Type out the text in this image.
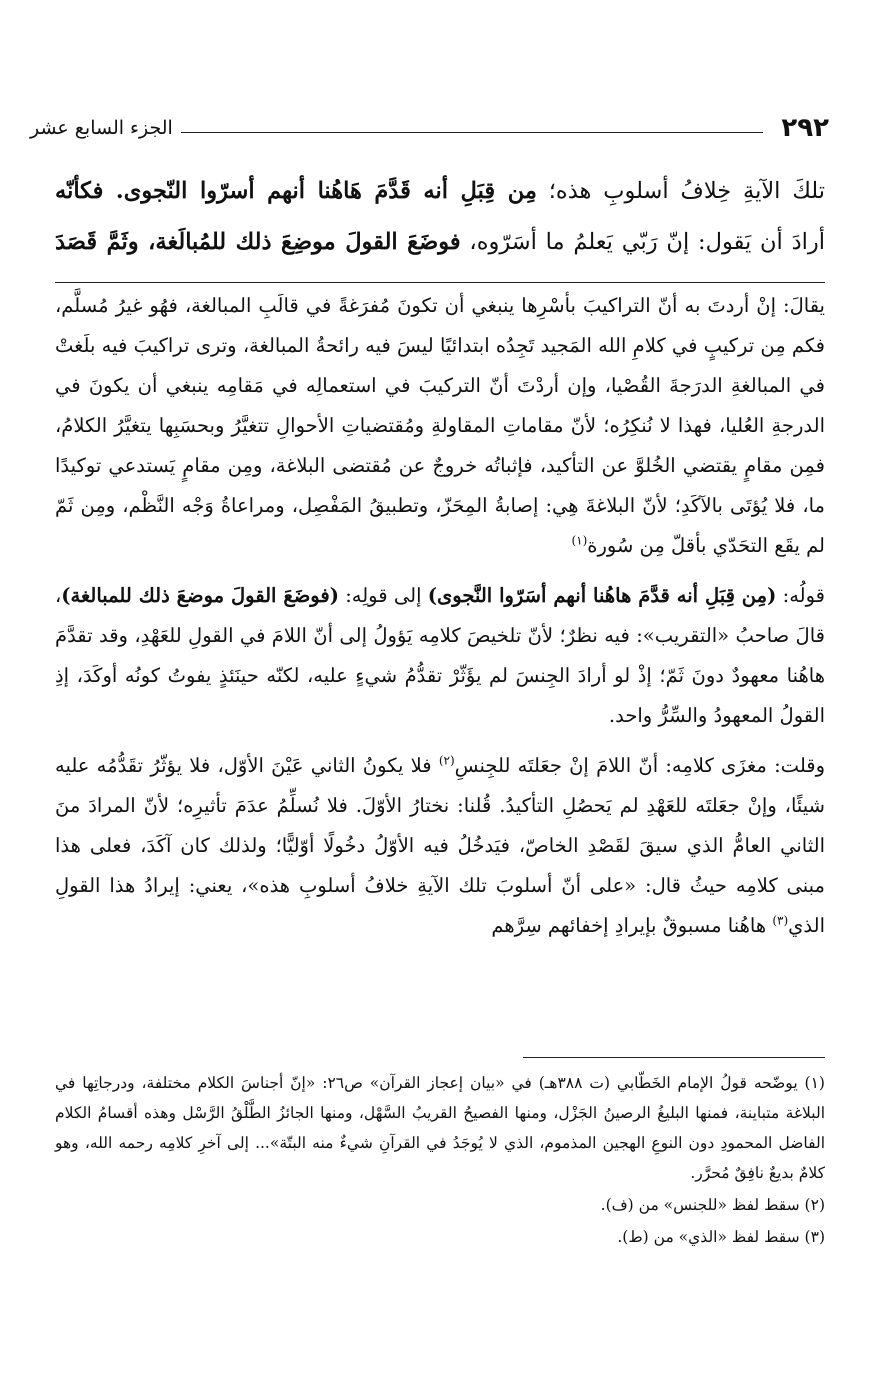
٢٩٢
الجزء السابع عشر

تلكَ الآيةِ خِلافُ أسلوبِ هذه؛ مِن قِبَلِ أنه قَدَّمَ هَاهُنا أنهم أسرّوا النّجوى. فكأنّه

أرادَ أن يَقول: إنّ رَبّي يَعلمُ ما أسَرّوه، فوضَعَ القولَ موضِعَ ذلك للمُبالَغة، وثَمَّ قَصَدَ

يقالَ: إنْ أردتَ به أنّ التراكيبَ بأسْرِها ينبغي أن تكونَ مُفرَغةً في قالَبِ المبالغة، فهُو غيرُ مُسلَّم، فكم مِن تركيبٍ في كلامِ الله المَجيد تَجِدُه ابتدائيًا ليسَ فيه رائحةُ المبالغة، وترى تراكيبَ فيه بلَغتْ في المبالغةِ الدرَجةَ القُصْيا، وإن أردْتَ أنّ التركيبَ في استعمالِه في مَقامِه ينبغي أن يكونَ في الدرجةِ العُليا، فهذا لا نُنكِرُه؛ لأنّ مقاماتِ المقاولةِ ومُقتضياتِ الأحوالِ تتغيَّرُ وبحسَبِها يتغيَّرُ الكلامُ، فمِن مقامٍ يقتضي الخُلوَّ عن التأكيد، فإثباتُه خروجٌ عن مُقتضى البلاغة، ومِن مقامٍ يَستدعي توكيدًا ما، فلا يُؤتَى بالآكَدِ؛ لأنّ البلاغةَ هِي: إصابةُ المِحَزّ، وتطبيقُ المَفْصِل، ومراعاةُ وَجْه النَّظْم، ومِن ثَمّ لم يقَع التحَدّي بأقلّ مِن سُورة$^{(١)}$

قولُه: (مِن قِبَلِ أنه قدَّمَ هاهُنا أنهم أسَرّوا النَّجوى) إلى قولِه: (فوضَعَ القولَ موضعَ ذلك للمبالغة)، قالَ صاحبُ «التقريب»: فيه نظرٌ؛ لأنّ تلخيصَ كلامِه يَؤولُ إلى أنّ اللامَ في القولِ للعَهْدِ، وقد تقدَّمَ هاهُنا معهودٌ دونَ ثَمّ؛ إذْ لو أرادَ الجِنسَ لم يؤَثّرْ تقدُّمُ شيءٍ عليه، لكنّه حينَئذٍ يفوتُ كونُه أوكَدَ، إذِ القولُ المعهودُ والسِّرُّ واحد.

وقلت: مغزَى كلامِه: أنّ اللامَ إنْ جعَلتَه للجِنسِ$^{(٢)}$ فلا يكونُ الثاني عَيْنَ الأوّل، فلا يؤثّرُ تقَدُّمُه عليه شيئًا، وإنْ جعَلتَه للعَهْدِ لم يَحصُلِ التأكيدُ. قُلنا: نختارُ الأوّلَ. فلا نُسلِّمُ عدَمَ تأثيرِه؛ لأنّ المرادَ منَ الثاني العامُّ الذي سيقَ لقَصْدِ الخاصّ، فيَدخُلُ فيه الأوّلُ دخُولًا أوّليًّا؛ ولذلك كان آكَدَ، فعلى هذا مبنى كلامِه حيثُ قال: «على أنّ أسلوبَ تلك الآيةِ خلافُ أسلوبِ هذه»، يعني: إيرادُ هذا القولِ الذي$^{(٣)}$ هاهُنا مسبوقٌ بإيرادِ إخفائهم سِرَّهم

(١) يوضّحه قولُ الإمام الخَطّابي (ت ٣٨٨هـ) في «بيان إعجاز القرآن» ص٢٦: «إنّ أجناسَ الكلام مختلفة، ودرجاتِها في البلاغة متباينة، فمنها البليغُ الرصينُ الجَزْل، ومنها الفصيحُ القريبُ السَّهْل، ومنها الجائزُ الطَّلْقُ الرَّسْل وهذه أقسامُ الكلام الفاضل المحمودِ دون النوعِ الهجين المذموم، الذي لا يُوجَدُ في القرآنِ شيءٌ منه البتّة»... إلى آخرِ كلامِه رحمه الله، وهو كلامٌ بديعٌ نافِقٌ مُحرَّر.

(٢) سقط لفظ «للجنس» من (ف).

(٣) سقط لفظ «الذي» من (ط).
